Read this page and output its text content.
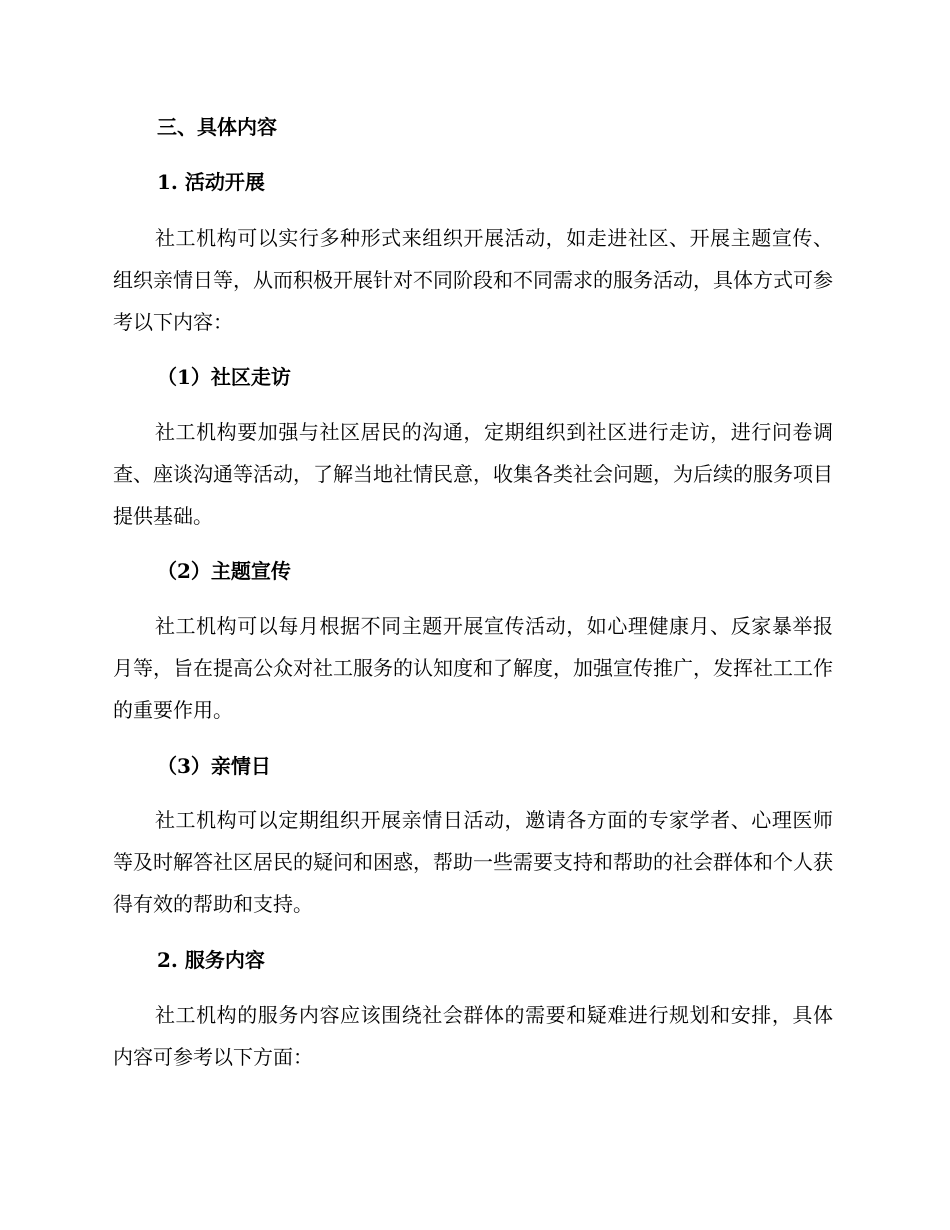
三、具体内容
1. 活动开展

社工机构可以实行多种形式来组织开展活动，如走进社区、开展主题宣传、组织亲情日等，从而积极开展针对不同阶段和不同需求的服务活动，具体方式可参考以下内容：

（1）社区走访

社工机构要加强与社区居民的沟通，定期组织到社区进行走访，进行问卷调查、座谈沟通等活动，了解当地社情民意，收集各类社会问题，为后续的服务项目提供基础。

（2）主题宣传

社工机构可以每月根据不同主题开展宣传活动，如心理健康月、反家暴举报月等，旨在提高公众对社工服务的认知度和了解度，加强宣传推广，发挥社工工作的重要作用。

（3）亲情日

社工机构可以定期组织开展亲情日活动，邀请各方面的专家学者、心理医师等及时解答社区居民的疑问和困惑，帮助一些需要支持和帮助的社会群体和个人获得有效的帮助和支持。

2. 服务内容

社工机构的服务内容应该围绕社会群体的需要和疑难进行规划和安排，具体内容可参考以下方面：
